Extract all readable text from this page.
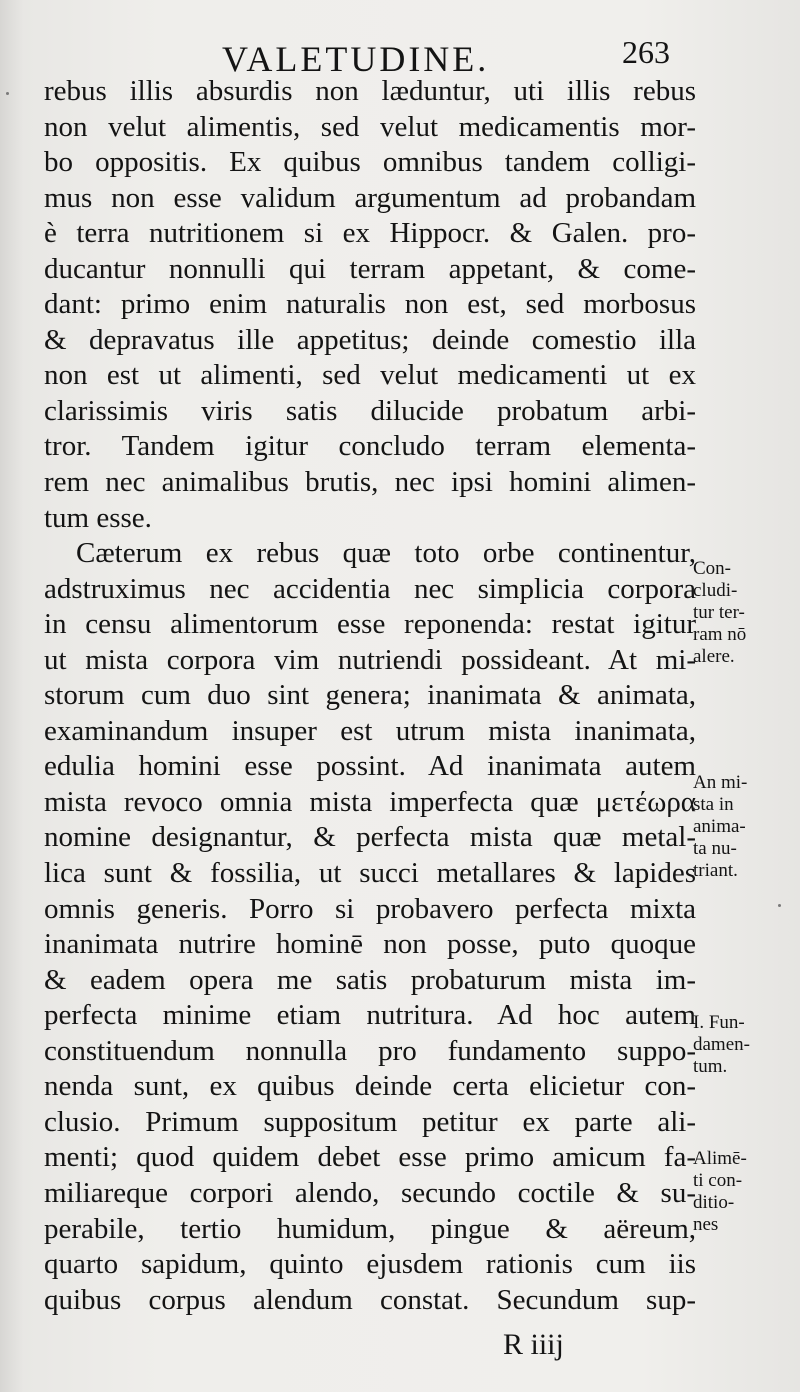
VALETUDINE.	263
rebus illis absurdis non læduntur, uti illis rebus
non velut alimentis, sed velut medicamentis mor-
bo oppositis. Ex quibus omnibus tandem colligi-
mus non esse validum argumentum ad probandam
è terra nutritionem si ex Hippocr. & Galen. pro-
ducantur nonnulli qui terram appetant, & come-
dant: primo enim naturalis non est, sed morbosus
& depravatus ille appetitus; deinde comestio illa
non est ut alimenti, sed velut medicamenti ut ex
clarissimis viris satis dilucide probatum arbi-
tror. Tandem igitur concludo terram elementa-
rem nec animalibus brutis, nec ipsi homini alimen-
tum esse.
Cæterum ex rebus quæ toto orbe continentur,
adstruximus nec accidentia nec simplicia corpora
in censu alimentorum esse reponenda: restat igitur
ut mista corpora vim nutriendi possideant. At mi-
storum cum duo sint genera; inanimata & animata,
examinandum insuper est utrum mista inanimata,
edulia homini esse possint. Ad inanimata autem
mista revoco omnia mista imperfecta quæ μετέωρα
nomine designantur, & perfecta mista quæ metal-
lica sunt & fossilia, ut succi metallares & lapides
omnis generis. Porro si probavero perfecta mixta
inanimata nutrire hominē non posse, puto quoque
& eadem opera me satis probaturum mista im-
perfecta minime etiam nutritura. Ad hoc autem
constituendum nonnulla pro fundamento suppo-
nenda sunt, ex quibus deinde certa elicietur con-
clusio. Primum suppositum petitur ex parte ali-
menti; quod quidem debet esse primo amicum fa-
miliareque corpori alendo, secundo coctile & su-
perabile, tertio humidum, pingue & aëreum,
quarto sapidum, quinto ejusdem rationis cum iis
quibus corpus alendum constat. Secundum sup-
Con-
cludi-
tur ter-
ram nō
alere.
An mi-
sta in
anima-
ta nu-
triant.
I. Fun-
damen-
tum.
Alimē-
ti con-
ditio-
nes
R iiij
